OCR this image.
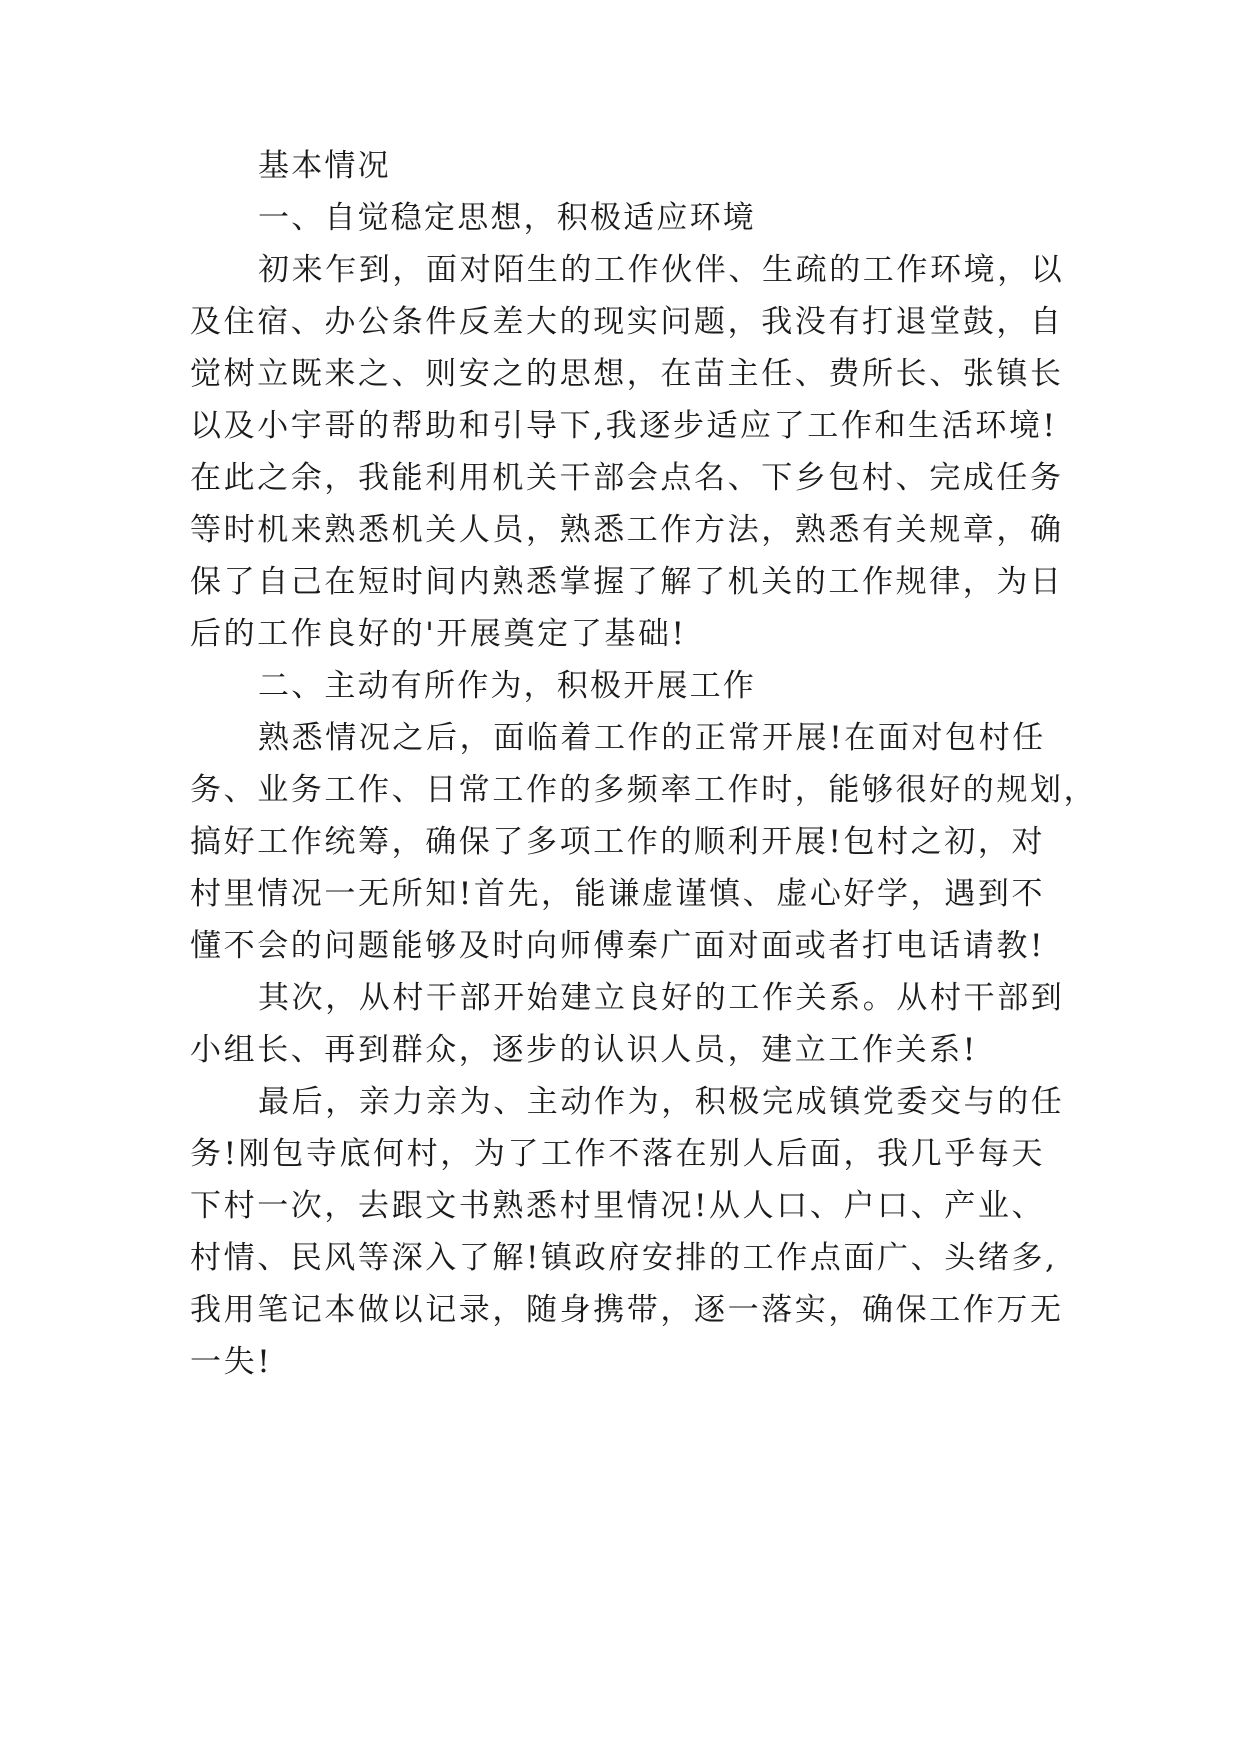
基本情况
一、自觉稳定思想，积极适应环境
初来乍到，面对陌生的工作伙伴、生疏的工作环境，以
及住宿、办公条件反差大的现实问题，我没有打退堂鼓，自
觉树立既来之、则安之的思想，在苗主任、费所长、张镇长
以及小宇哥的帮助和引导下,我逐步适应了工作和生活环境!
在此之余，我能利用机关干部会点名、下乡包村、完成任务
等时机来熟悉机关人员，熟悉工作方法，熟悉有关规章，确
保了自己在短时间内熟悉掌握了解了机关的工作规律，为日
后的工作良好的'开展奠定了基础!
二、主动有所作为，积极开展工作
熟悉情况之后，面临着工作的正常开展!在面对包村任
务、业务工作、日常工作的多频率工作时，能够很好的规划，
搞好工作统筹，确保了多项工作的顺利开展!包村之初，对
村里情况一无所知!首先，能谦虚谨慎、虚心好学，遇到不
懂不会的问题能够及时向师傅秦广面对面或者打电话请教!
其次，从村干部开始建立良好的工作关系。从村干部到
小组长、再到群众，逐步的认识人员，建立工作关系!
最后，亲力亲为、主动作为，积极完成镇党委交与的任
务!刚包寺底何村，为了工作不落在别人后面，我几乎每天
下村一次，去跟文书熟悉村里情况!从人口、户口、产业、
村情、民风等深入了解!镇政府安排的工作点面广、头绪多,
我用笔记本做以记录，随身携带，逐一落实，确保工作万无
一失!
